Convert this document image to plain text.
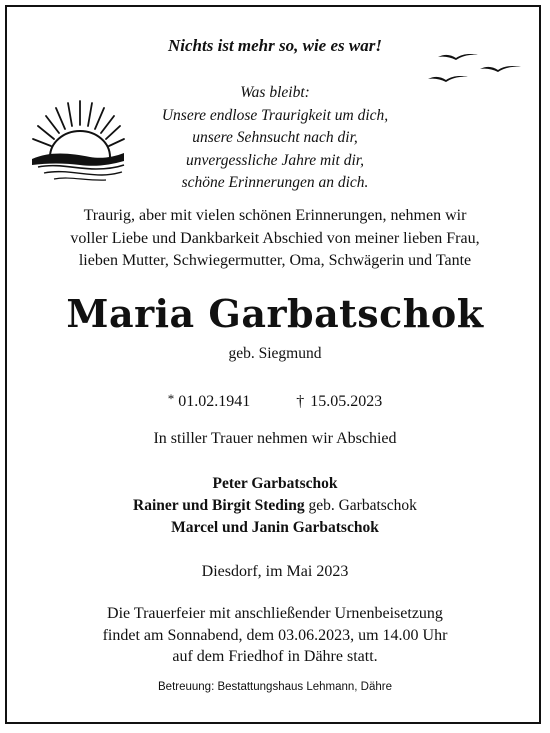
Nichts ist mehr so, wie es war!
Was bleibt:
Unsere endlose Traurigkeit um dich,
unsere Sehnsucht nach dir,
unvergessliche Jahre mit dir,
schöne Erinnerungen an dich.
Traurig, aber mit vielen schönen Erinnerungen, nehmen wir
voller Liebe und Dankbarkeit Abschied von meiner lieben Frau,
lieben Mutter, Schwiegermutter, Oma, Schwägerin und Tante
Maria Garbatschok
geb. Siegmund
* 01.02.1941	† 15.05.2023
In stiller Trauer nehmen wir Abschied
Peter Garbatschok
Rainer und Birgit Steding geb. Garbatschok
Marcel und Janin Garbatschok
Diesdorf, im Mai 2023
Die Trauerfeier mit anschließender Urnenbeisetzung
findet am Sonnabend, dem 03.06.2023, um 14.00 Uhr
auf dem Friedhof in Dähre statt.
Betreuung: Bestattungshaus Lehmann, Dähre
